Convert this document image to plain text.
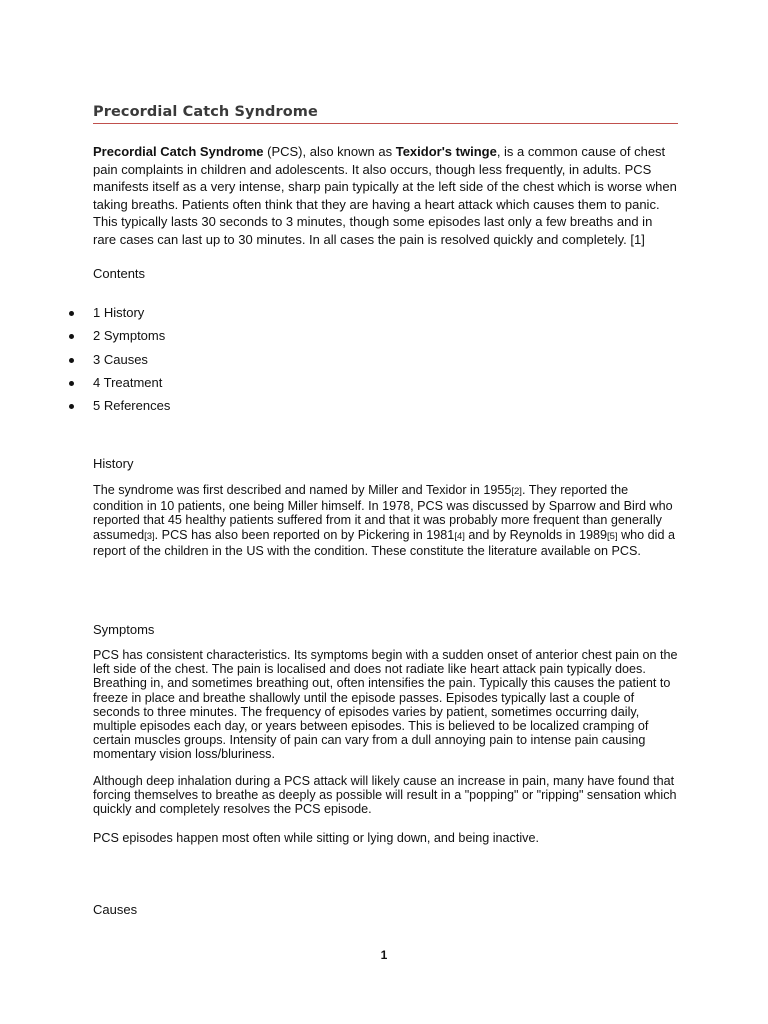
Precordial Catch Syndrome

Precordial Catch Syndrome (PCS), also known as Texidor's twinge, is a common cause of chest pain complaints in children and adolescents. It also occurs, though less frequently, in adults. PCS manifests itself as a very intense, sharp pain typically at the left side of the chest which is worse when taking breaths. Patients often think that they are having a heart attack which causes them to panic. This typically lasts 30 seconds to 3 minutes, though some episodes last only a few breaths and in rare cases can last up to 30 minutes. In all cases the pain is resolved quickly and completely. [1]

Contents

1 History
2 Symptoms
3 Causes
4 Treatment
5 References

History

The syndrome was first described and named by Miller and Texidor in 1955[2]. They reported the condition in 10 patients, one being Miller himself. In 1978, PCS was discussed by Sparrow and Bird who reported that 45 healthy patients suffered from it and that it was probably more frequent than generally assumed[3]. PCS has also been reported on by Pickering in 1981[4] and by Reynolds in 1989[5] who did a report of the children in the US with the condition. These constitute the literature available on PCS.

Symptoms

PCS has consistent characteristics. Its symptoms begin with a sudden onset of anterior chest pain on the left side of the chest. The pain is localised and does not radiate like heart attack pain typically does. Breathing in, and sometimes breathing out, often intensifies the pain. Typically this causes the patient to freeze in place and breathe shallowly until the episode passes. Episodes typically last a couple of seconds to three minutes. The frequency of episodes varies by patient, sometimes occurring daily, multiple episodes each day, or years between episodes. This is believed to be localized cramping of certain muscles groups. Intensity of pain can vary from a dull annoying pain to intense pain causing momentary vision loss/bluriness.

Although deep inhalation during a PCS attack will likely cause an increase in pain, many have found that forcing themselves to breathe as deeply as possible will result in a "popping" or "ripping" sensation which quickly and completely resolves the PCS episode.

PCS episodes happen most often while sitting or lying down, and being inactive.

Causes

1
